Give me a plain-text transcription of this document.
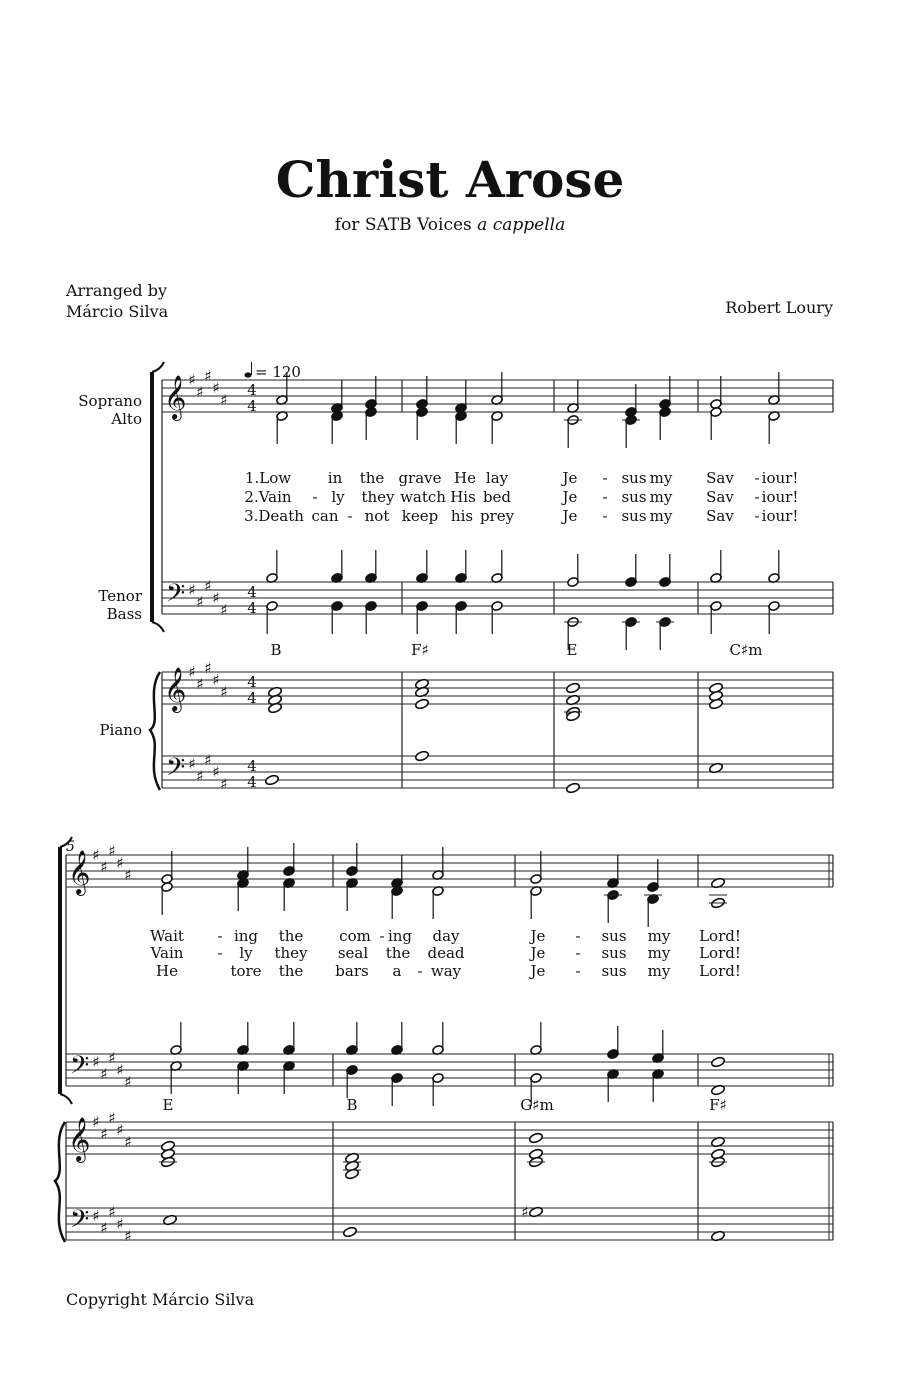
Christ Arose
for SATB Voices a cappella
Arranged by
Márcio Silva	Robert Loury
Soprano
Alto
Tenor
Bass
Piano
= 120
𝄞 ♯
♯
♯
♯
♯
4
4
𝄢 ♯
♯
♯
♯
♯
4
4
𝄞 ♯
♯
♯
♯
♯
4
4
𝄢 ♯
♯
♯
♯
♯
4
4
B	F♯	E	C♯m
1.Low in the grave He lay	Je - sus my Sav - iour!
2.Vain - ly they watch His bed	Je - sus my Sav - iour!
3.Death can - not keep his prey	Je - sus my Sav - iour!
5
𝄞 ♯
♯
♯
♯
♯
𝄢 ♯
♯
♯
♯
♯
𝄞 ♯
♯
♯
♯
♯
𝄢 ♯
♯
♯
♯
♯
E	B	G♯m	F♯
♯
Wait - ing the com - ing day	Je - sus my Lord!
Vain - ly they seal the dead	Je - sus my Lord!
He	tore the bars a - way	Je - sus my Lord!
Copyright Márcio Silva
